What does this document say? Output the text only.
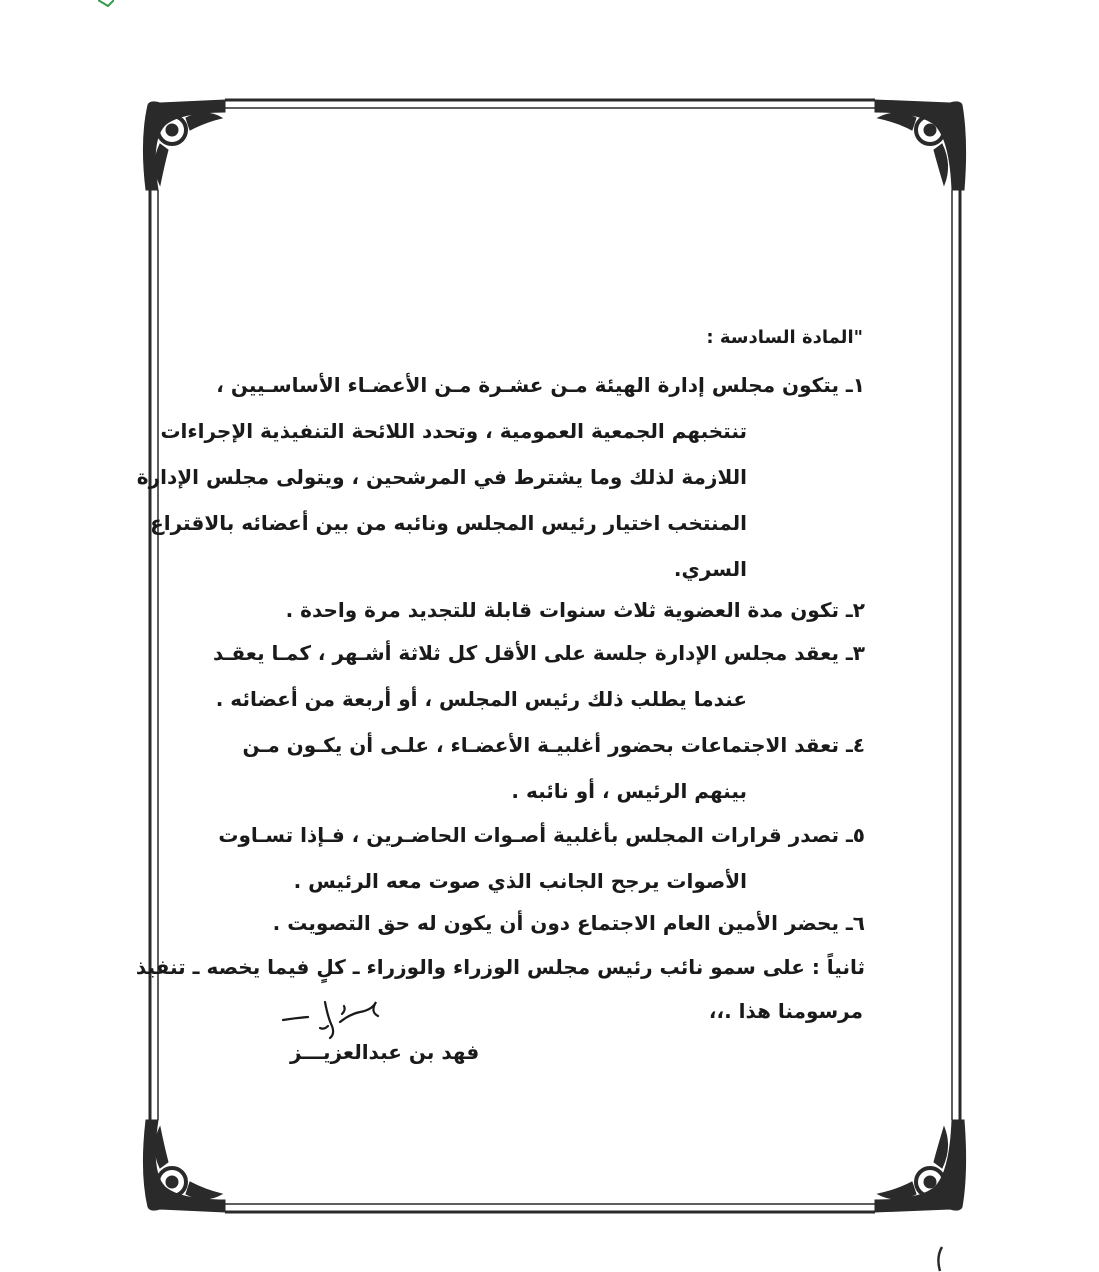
"المادة السادسة :
١ـ يتكون مجلس إدارة الهيئة مـن عشـرة مـن الأعضـاء الأساسـيين ،
تنتخبهم الجمعية العمومية ، وتحدد اللائحة التنفيذية الإجراءات
اللازمة لذلك وما يشترط في المرشحين ، ويتولى مجلس الإدارة
المنتخب اختيار رئيس المجلس ونائبه من بين أعضائه بالاقتراع
السري.
٢ـ تكون مدة العضوية ثلاث سنوات قابلة للتجديد مرة واحدة .
٣ـ يعقد مجلس الإدارة جلسة على الأقل كل ثلاثة أشـهر ، كمـا يعقـد
عندما يطلب ذلك رئيس المجلس ، أو أربعة من أعضائه .
٤ـ تعقد الاجتماعات بحضور أغلبيـة الأعضـاء ، علـى أن يكـون مـن
بينهم الرئيس ، أو نائبه .
٥ـ تصدر قرارات المجلس بأغلبية أصـوات الحاضـرين ، فـإذا تسـاوت
الأصوات يرجح الجانب الذي صوت معه الرئيس .
٦ـ يحضر الأمين العام الاجتماع دون أن يكون له حق التصويت .
ثانياً : على سمو نائب رئيس مجلس الوزراء والوزراء ـ كلٍ فيما يخصه ـ تنفيذ
مرسومنا هذا .،،
فهد بن عبدالعزيـــز
